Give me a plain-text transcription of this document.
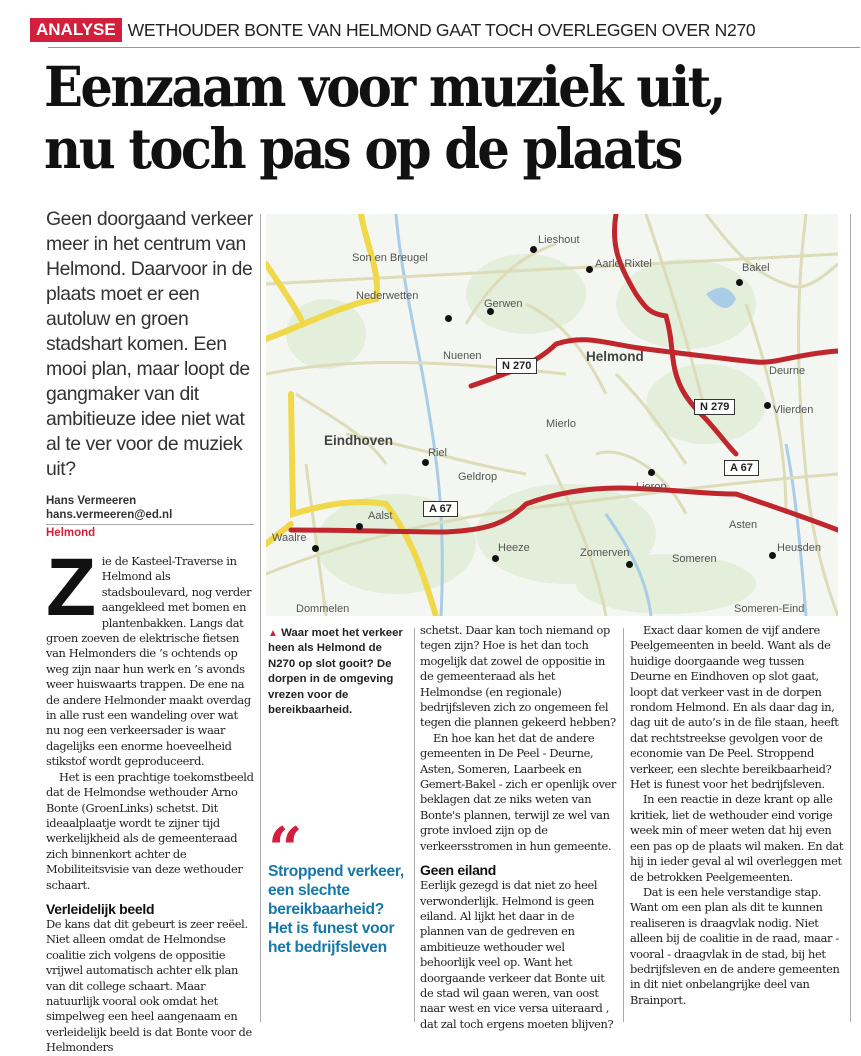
ANALYSE WETHOUDER BONTE VAN HELMOND GAAT TOCH OVERLEGGEN OVER N270
Eenzaam voor muziek uit,
nu toch pas op de plaats
Geen doorgaand verkeer meer in het centrum van Helmond. Daarvoor in de plaats moet er een autoluw en groen stadshart komen. Een mooi plan, maar loopt de gangmaker van dit ambitieuze idee niet wat al te ver voor de muziek uit?
Hans Vermeeren
hans.vermeeren@ed.nl
Helmond
Son en Breugel
Nederwetten
Lieshout
Aarle-Rixtel	Bakel
Gerwen
Nuenen	Helmond
Deurne
Vlierden
Mierlo
Eindhoven
Riel
Geldrop
Lierop
Aalst
Waalre
Heeze
Asten
Zomerven	Someren
Heusden
Dommelen	Someren-Eind
N 270
N 279
A 67
A 67
▲ Waar moet het verkeer heen als Helmond de N270 op slot gooit? De dorpen in de omgeving vrezen voor de bereikbaarheid.
“
Stroppend verkeer, een slechte bereikbaarheid? Het is funest voor het bedrijfsleven

Zie de Kasteel-Traverse in Helmond als stadsboulevard, nog verder aangekleed met bomen en plantenbakken. Langs dat groen zoeven de elektrische fietsen van Helmonders die ’s ochtends op weg zijn naar hun werk en ’s avonds weer huiswaarts trappen. De ene na de andere Helmonder maakt overdag in alle rust een wandeling over wat nu nog een verkeersader is waar dagelijks een enorme hoeveelheid stikstof wordt geproduceerd.

Het is een prachtige toekomstbeeld dat de Helmondse wethouder Arno Bonte (GroenLinks) schetst. Dit ideaalplaatje wordt te zijner tijd werkelijkheid als de gemeenteraad zich binnenkort achter de Mobiliteitsvisie van deze wethouder schaart.

Verleidelijk beeld

De kans dat dit gebeurt is zeer reëel. Niet alleen omdat de Helmondse coalitie zich volgens de oppositie vrijwel automatisch achter elk plan van dit college schaart. Maar natuurlijk vooral ook omdat het simpelweg een heel aangenaam en verleidelijk beeld is dat Bonte voor de Helmonders

schetst. Daar kan toch niemand op tegen zijn? Hoe is het dan toch mogelijk dat zowel de oppositie in de gemeenteraad als het Helmondse (en regionale) bedrijfsleven zich zo ongemeen fel tegen die plannen gekeerd hebben?

En hoe kan het dat de andere gemeenten in De Peel - Deurne, Asten, Someren, Laarbeek en Gemert-Bakel - zich er openlijk over beklagen dat ze niks weten van Bonte's plannen, terwijl ze wel van grote invloed zijn op de verkeersstromen in hun gemeente.

Geen eiland

Eerlijk gezegd is dat niet zo heel verwonderlijk. Helmond is geen eiland. Al lijkt het daar in de plannen van de gedreven en ambitieuze wethouder wel behoorlijk veel op. Want het doorgaande verkeer dat Bonte uit de stad wil gaan weren, van oost naar west en vice versa uiteraard , dat zal toch ergens moeten blijven?

Exact daar komen de vijf andere Peelgemeenten in beeld. Want als de huidige doorgaande weg tussen Deurne en Eindhoven op slot gaat, loopt dat verkeer vast in de dorpen rondom Helmond. En als daar dag in, dag uit de auto’s in de file staan, heeft dat rechtstreekse gevolgen voor de economie van De Peel. Stroppend verkeer, een slechte bereikbaarheid? Het is funest voor het bedrijfsleven.

In een reactie in deze krant op alle kritiek, liet de wethouder eind vorige week min of meer weten dat hij even een pas op de plaats wil maken. En dat hij in ieder geval al wil overleggen met de betrokken Peelgemeenten.

Dat is een hele verstandige stap. Want om een plan als dit te kunnen realiseren is draagvlak nodig. Niet alleen bij de coalitie in de raad, maar - vooral - draagvlak in de stad, bij het bedrijfsleven en de andere gemeenten in dit niet onbelangrijke deel van Brainport.
